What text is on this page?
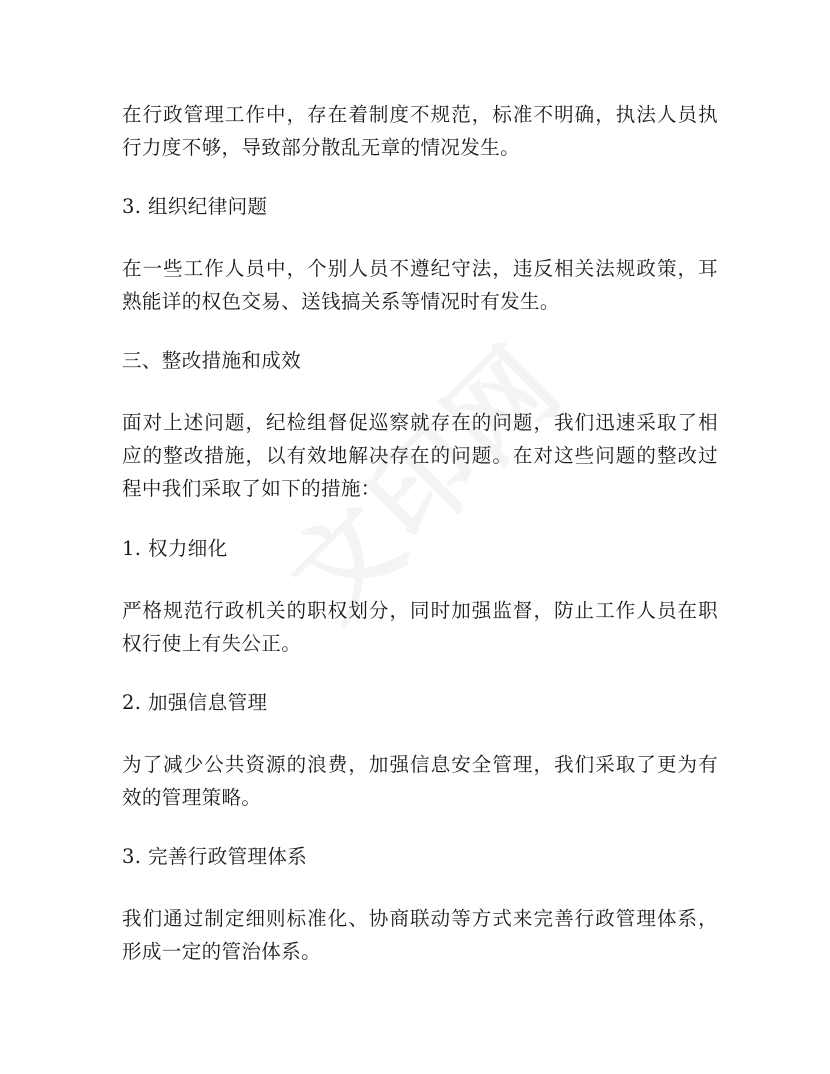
在行政管理工作中，存在着制度不规范，标准不明确，执法人员执行力度不够，导致部分散乱无章的情况发生。

3. 组织纪律问题

在一些工作人员中，个别人员不遵纪守法，违反相关法规政策，耳熟能详的权色交易、送钱搞关系等情况时有发生。

三、整改措施和成效

面对上述问题，纪检组督促巡察就存在的问题，我们迅速采取了相应的整改措施，以有效地解决存在的问题。在对这些问题的整改过程中我们采取了如下的措施：

1. 权力细化

严格规范行政机关的职权划分，同时加强监督，防止工作人员在职权行使上有失公正。

2. 加强信息管理

为了减少公共资源的浪费，加强信息安全管理，我们采取了更为有效的管理策略。

3. 完善行政管理体系

我们通过制定细则标准化、协商联动等方式来完善行政管理体系，形成一定的管治体系。
